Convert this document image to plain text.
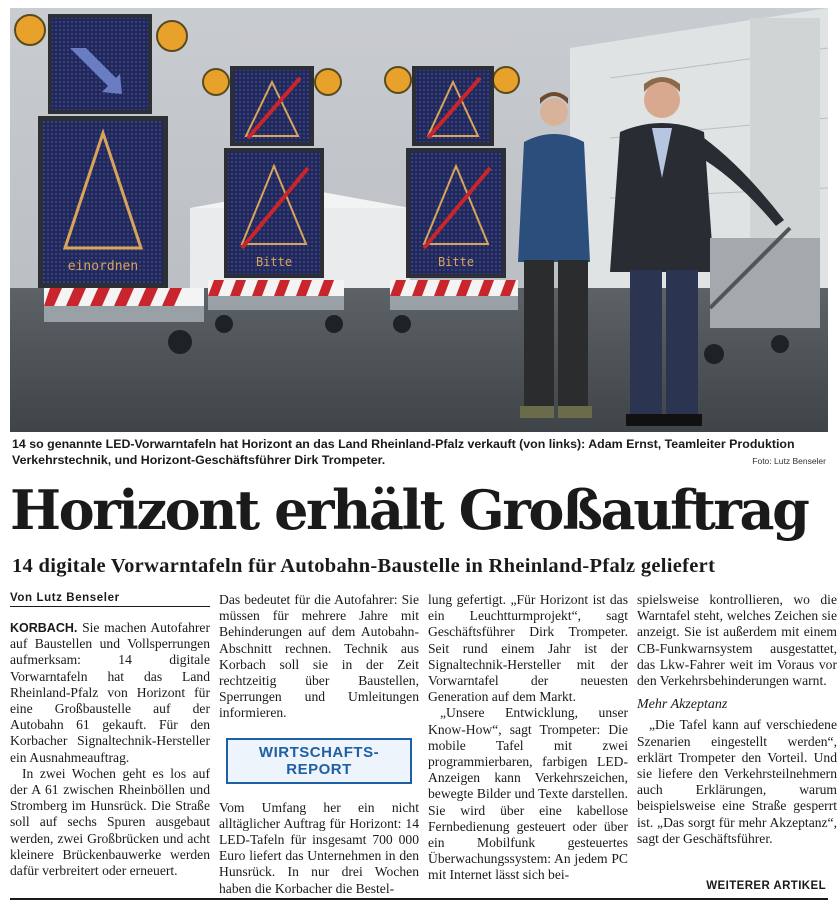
einordnen	Bitte	Bitte

14 so genannte LED-Vorwarntafeln hat Horizont an das Land Rheinland-Pfalz verkauft (von links): Adam Ernst, Teamleiter Produktion Verkehrstechnik, und Horizont-Geschäftsführer Dirk Trompeter.	Foto: Lutz Benseler
Horizont erhält Großauftrag
14 digitale Vorwarntafeln für Autobahn-Baustelle in Rheinland-Pfalz geliefert
Von Lutz Benseler

KORBACH. Sie machen Autofahrer auf Baustellen und Vollsperrungen aufmerksam: 14 digitale Vorwarntafeln hat das Land Rheinland-Pfalz von Horizont für eine Großbaustelle auf der Autobahn 61 gekauft. Für den Korbacher Signaltechnik-Hersteller ein Ausnahmeauftrag.

In zwei Wochen geht es los auf der A 61 zwischen Rheinböllen und Stromberg im Hunsrück. Die Straße soll auf sechs Spuren ausgebaut werden, zwei Großbrücken und acht kleinere Brückenbauwerke werden dafür verbreitert oder erneuert.

Das bedeutet für die Autofahrer: Sie müssen für mehrere Jahre mit Behinderungen auf dem Autobahn-Abschnitt rechnen. Technik aus Korbach soll sie in der Zeit rechtzeitig über Baustellen, Sperrungen und Umleitungen informieren.

WIRTSCHAFTS-
REPORT

Vom Umfang her ein nicht alltäglicher Auftrag für Horizont: 14 LED-Tafeln für insgesamt 700 000 Euro liefert das Unternehmen in den Hunsrück. In nur drei Wochen haben die Korbacher die Bestel-

lung gefertigt. „Für Horizont ist das ein Leuchtturmprojekt“, sagt Geschäftsführer Dirk Trompeter. Seit rund einem Jahr ist der Signaltechnik-Hersteller mit der Vorwarntafel der neuesten Generation auf dem Markt.

„Unsere Entwicklung, unser Know-How“, sagt Trompeter: Die mobile Tafel mit zwei programmierbaren, farbigen LED-Anzeigen kann Verkehrszeichen, bewegte Bilder und Texte darstellen. Sie wird über eine kabellose Fernbedienung gesteuert oder über ein Mobilfunk gesteuertes Überwachungssystem: An jedem PC mit Internet lässt sich bei-

spielsweise kontrollieren, wo die Warntafel steht, welches Zeichen sie anzeigt. Sie ist außerdem mit einem CB-Funkwarnsystem ausgestattet, das Lkw-Fahrer weit im Voraus vor den Verkehrsbehinderungen warnt.

Mehr Akzeptanz

„Die Tafel kann auf verschiedene Szenarien eingestellt werden“, erklärt Trompeter den Vorteil. Und sie liefere den Verkehrsteilnehmern auch Erklärungen, warum beispielsweise eine Straße gesperrt ist. „Das sorgt für mehr Akzeptanz“, sagt der Geschäftsführer.

WEITERER ARTIKEL
